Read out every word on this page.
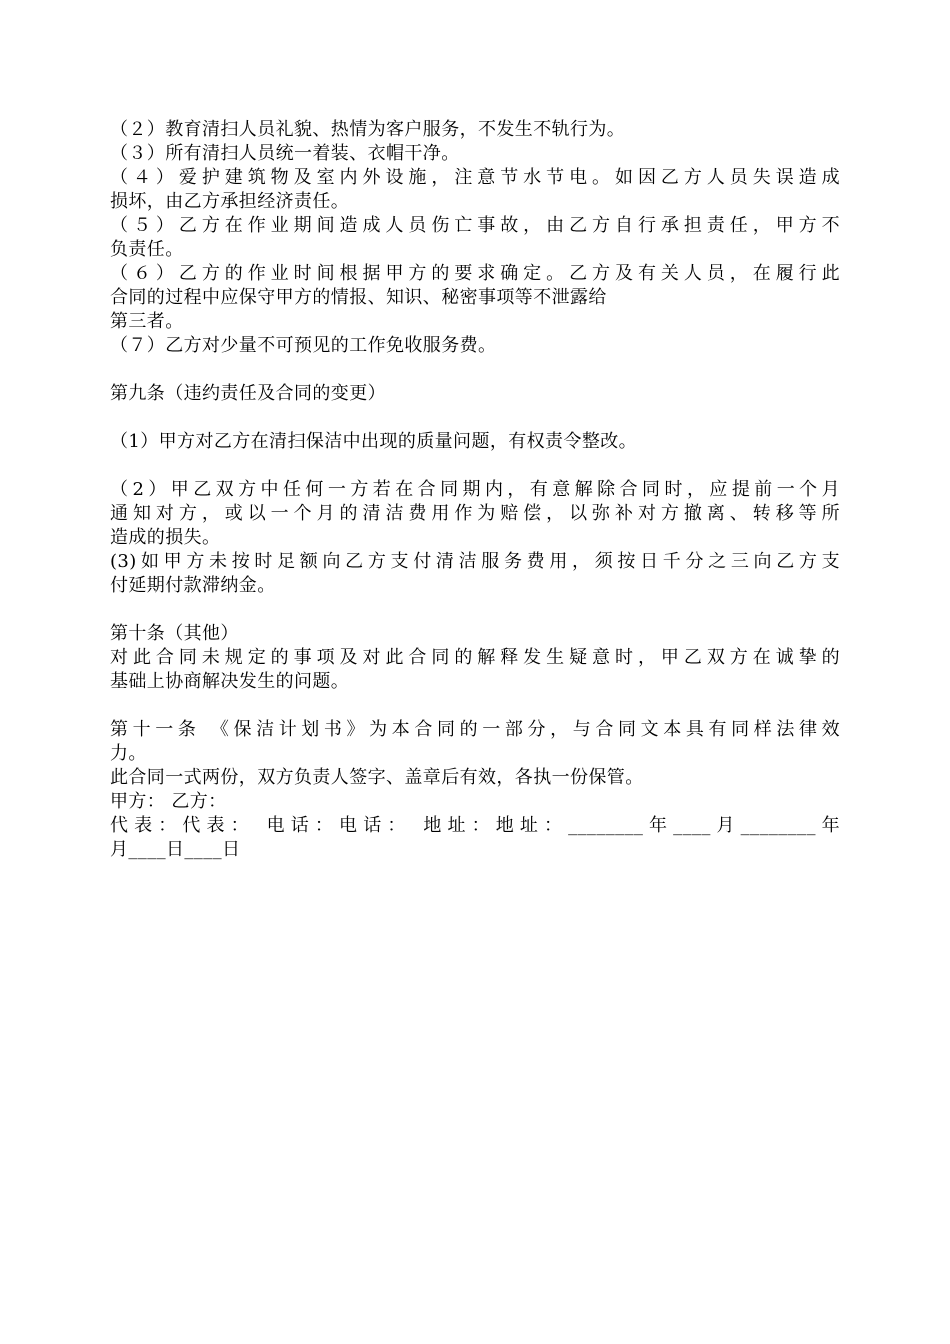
（２）教育清扫人员礼貌、热情为客户服务，不发生不轨行为。
（３）所有清扫人员统一着装、衣帽干净。
（４）爱护建筑物及室内外设施，注意节水节电。如因乙方人员失误造成
损坏，由乙方承担经济责任。
（５）乙方在作业期间造成人员伤亡事故，由乙方自行承担责任，甲方不
负责任。
（６）乙方的作业时间根据甲方的要求确定。乙方及有关人员，在履行此
合同的过程中应保守甲方的情报、知识、秘密事项等不泄露给
第三者。
（７）乙方对少量不可预见的工作免收服务费。
第九条（违约责任及合同的变更）
（1）甲方对乙方在清扫保洁中出现的质量问题，有权责令整改。
（2）甲乙双方中任何一方若在合同期内，有意解除合同时，应提前一个月
通知对方，或以一个月的清洁费用作为赔偿，以弥补对方撤离、转移等所
造成的损失。
(3)如甲方未按时足额向乙方支付清洁服务费用，须按日千分之三向乙方支
付延期付款滞纳金。
第十条（其他）
对此合同未规定的事项及对此合同的解释发生疑意时，甲乙双方在诚挚的
基础上协商解决发生的问题。
第十一条 《保洁计划书》为本合同的一部分，与合同文本具有同样法律效
力。
此合同一式两份，双方负责人签字、盖章后有效，各执一份保管。
甲方： 乙方：
代表：代表： 电话：电话： 地址：地址：________年____月________年
月____日____日
